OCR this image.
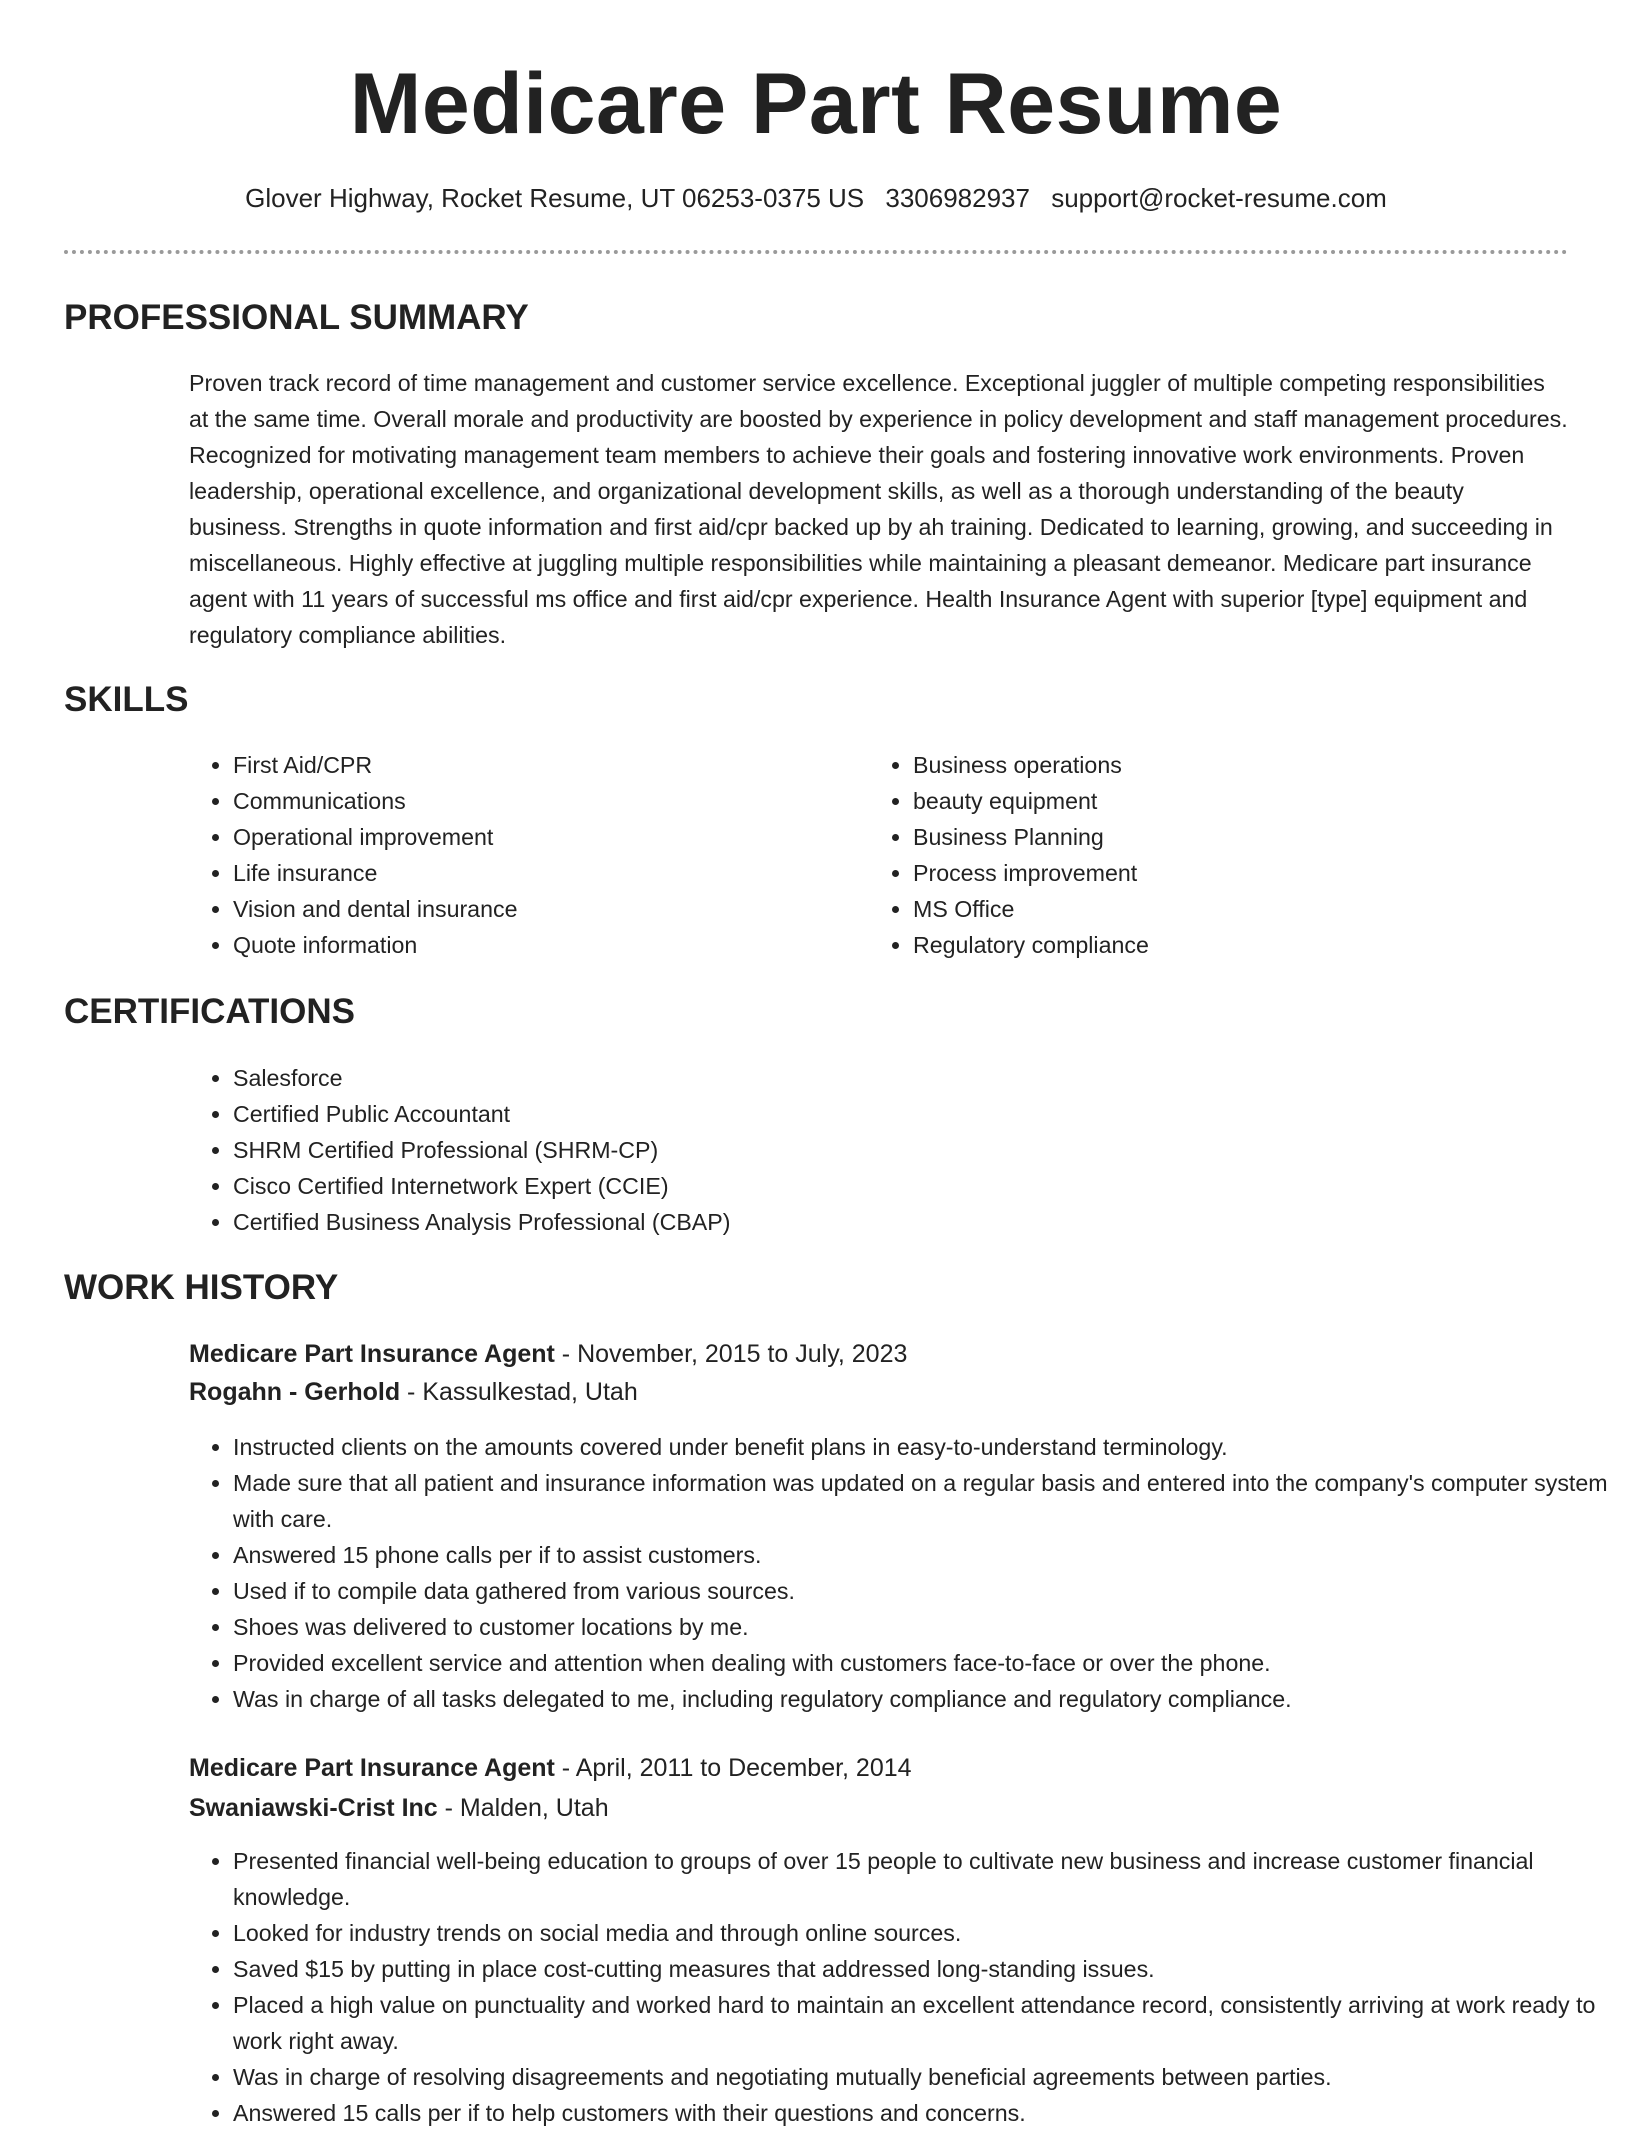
Medicare Part Resume
Glover Highway, Rocket Resume, UT 06253-0375 US 3306982937 support@rocket-resume.com
PROFESSIONAL SUMMARY

Proven track record of time management and customer service excellence. Exceptional juggler of multiple competing responsibilities at the same time. Overall morale and productivity are boosted by experience in policy development and staff management procedures. Recognized for motivating management team members to achieve their goals and fostering innovative work environments. Proven leadership, operational excellence, and organizational development skills, as well as a thorough understanding of the beauty business. Strengths in quote information and first aid/cpr backed up by ah training. Dedicated to learning, growing, and succeeding in miscellaneous. Highly effective at juggling multiple responsibilities while maintaining a pleasant demeanor. Medicare part insurance agent with 11 years of successful ms office and first aid/cpr experience. Health Insurance Agent with superior [type] equipment and regulatory compliance abilities.

SKILLS
• First Aid/CPR
• Communications
• Operational improvement
• Life insurance
• Vision and dental insurance
• Quote information
• Business operations
• beauty equipment
• Business Planning
• Process improvement
• MS Office
• Regulatory compliance
CERTIFICATIONS
• Salesforce
• Certified Public Accountant
• SHRM Certified Professional (SHRM-CP)
• Cisco Certified Internetwork Expert (CCIE)
• Certified Business Analysis Professional (CBAP)
WORK HISTORY
Medicare Part Insurance Agent - November, 2015 to July, 2023
Rogahn - Gerhold - Kassulkestad, Utah
• Instructed clients on the amounts covered under benefit plans in easy-to-understand terminology.
• Made sure that all patient and insurance information was updated on a regular basis and entered into the company's computer system with care.
• Answered 15 phone calls per if to assist customers.
• Used if to compile data gathered from various sources.
• Shoes was delivered to customer locations by me.
• Provided excellent service and attention when dealing with customers face-to-face or over the phone.
• Was in charge of all tasks delegated to me, including regulatory compliance and regulatory compliance.
Medicare Part Insurance Agent - April, 2011 to December, 2014
Swaniawski-Crist Inc - Malden, Utah
• Presented financial well-being education to groups of over 15 people to cultivate new business and increase customer financial knowledge.
• Looked for industry trends on social media and through online sources.
• Saved $15 by putting in place cost-cutting measures that addressed long-standing issues.
• Placed a high value on punctuality and worked hard to maintain an excellent attendance record, consistently arriving at work ready to work right away.
• Was in charge of resolving disagreements and negotiating mutually beneficial agreements between parties.
• Answered 15 calls per if to help customers with their questions and concerns.
